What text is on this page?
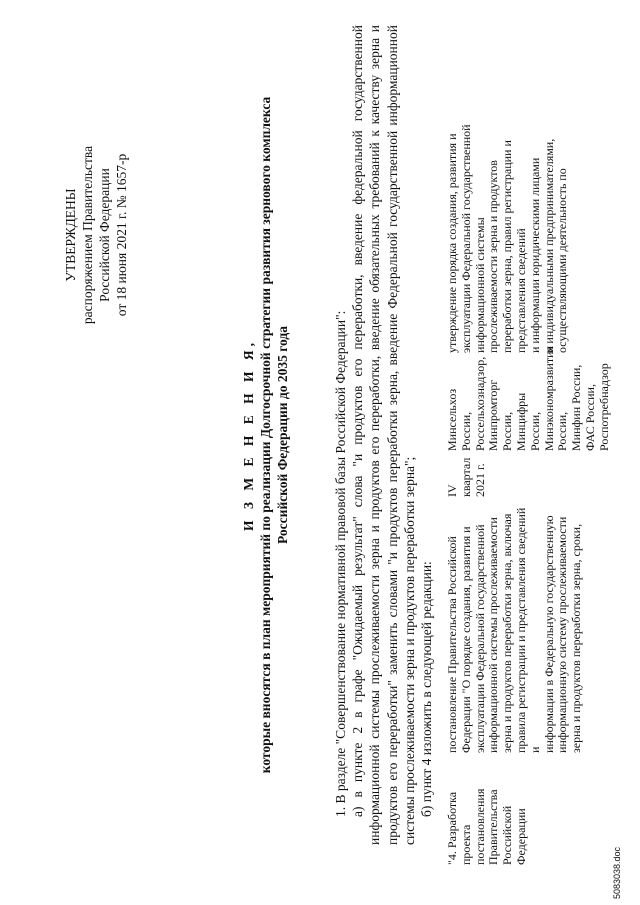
УТВЕРЖДЕНЫ распоряжением Правительства Российской Федерации от 18 июня 2021 г. № 1657-р
И З М Е Н Е Н И Я, которые вносятся в план мероприятий по реализации Долгосрочной стратегии развития зернового комплекса Российской Федерации до 2035 года	1. В разделе "Совершенствование нормативной правовой базы Российской Федерации": а) в пункте 2 в графе "Ожидаемый результат" слова "и продуктов его переработки, введение федеральной государственной информационной системы прослеживаемости зерна и продуктов его переработки, введение обязательных требований к качеству зерна и продуктов его переработки" заменить словами "и продуктов переработки зерна, введение Федеральной государственной информационной системы прослеживаемости зерна и продуктов переработки зерна"; б) пункт 4 изложить в следующей редакции:

"4. Разработка
проекта
постановления
Правительства
Российской
Федерации
постановление Правительства Российской
Федерации "О порядке создания, развития и
эксплуатации Федеральной государственной
информационной системы прослеживаемости
зерна и продуктов переработки зерна, включая
правила регистрации и представления сведений и
информации в Федеральную государственную
информационную систему прослеживаемости
зерна и продуктов переработки зерна, сроки,
IV
квартал
2021 г.
Минсельхоз России,
Россельхознадзор,
Минпромторг России,
Минцифры России,
Минэкономразвития
России,
Минфин России,
ФАС России,
Роспотребнадзор
утверждение порядка создания, развития и
эксплуатации Федеральной государственной
информационной системы
прослеживаемости зерна и продуктов
переработки зерна, правил регистрации и
представления сведений
и информации юридическими лицами
и индивидуальными предпринимателями,
осуществляющими деятельность по
5083038.doc
